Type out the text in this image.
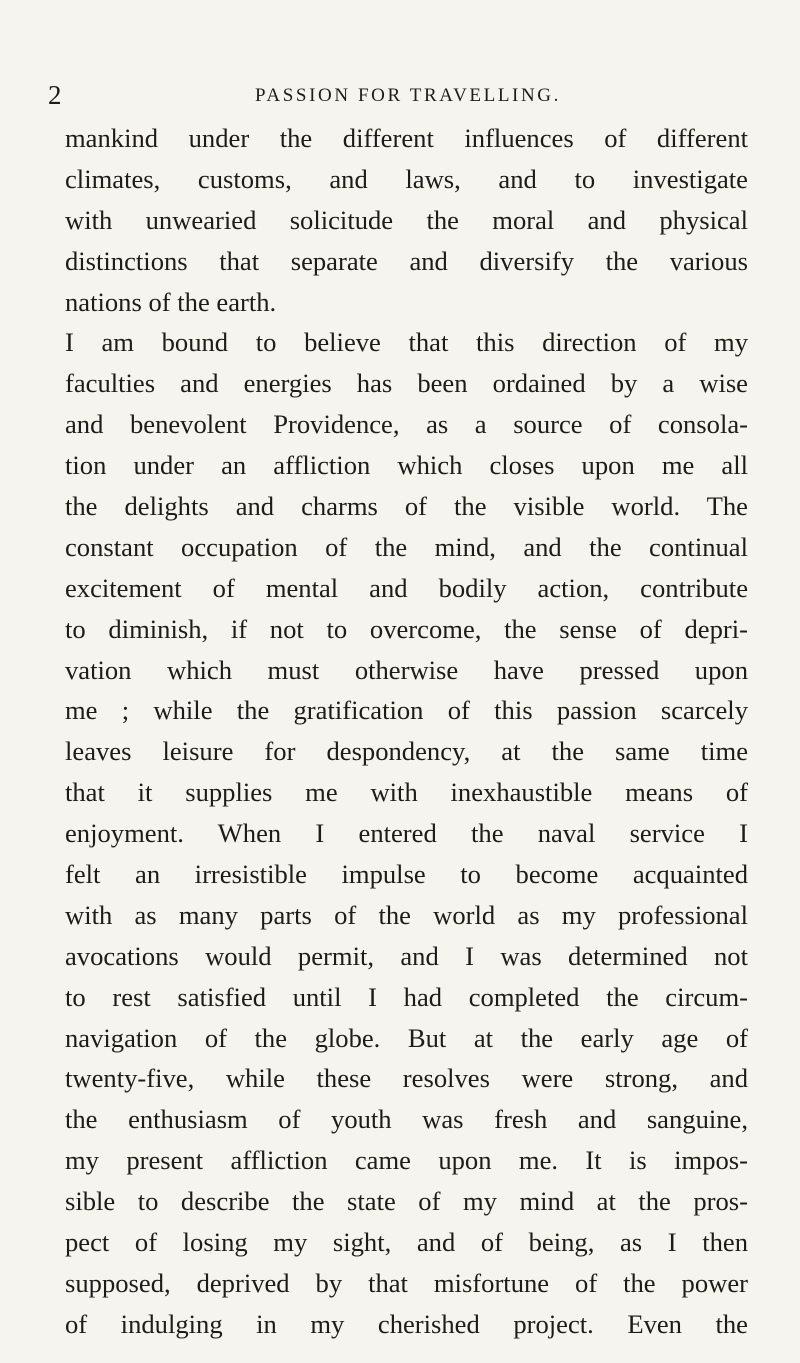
2	PASSION FOR TRAVELLING.
mankind under the different influences of different
climates, customs, and laws, and to investigate
with unwearied solicitude the moral and physical
distinctions that separate and diversify the various
nations of the earth.
I am bound to believe that this direction of my
faculties and energies has been ordained by a wise
and benevolent Providence, as a source of consola-
tion under an affliction which closes upon me all
the delights and charms of the visible world. The
constant occupation of the mind, and the continual
excitement of mental and bodily action, contribute
to diminish, if not to overcome, the sense of depri-
vation which must otherwise have pressed upon
me ; while the gratification of this passion scarcely
leaves leisure for despondency, at the same time
that it supplies me with inexhaustible means of
enjoyment. When I entered the naval service I
felt an irresistible impulse to become acquainted
with as many parts of the world as my professional
avocations would permit, and I was determined not
to rest satisfied until I had completed the circum-
navigation of the globe. But at the early age of
twenty-five, while these resolves were strong, and
the enthusiasm of youth was fresh and sanguine,
my present affliction came upon me. It is impos-
sible to describe the state of my mind at the pros-
pect of losing my sight, and of being, as I then
supposed, deprived by that misfortune of the power
of indulging in my cherished project. Even the
